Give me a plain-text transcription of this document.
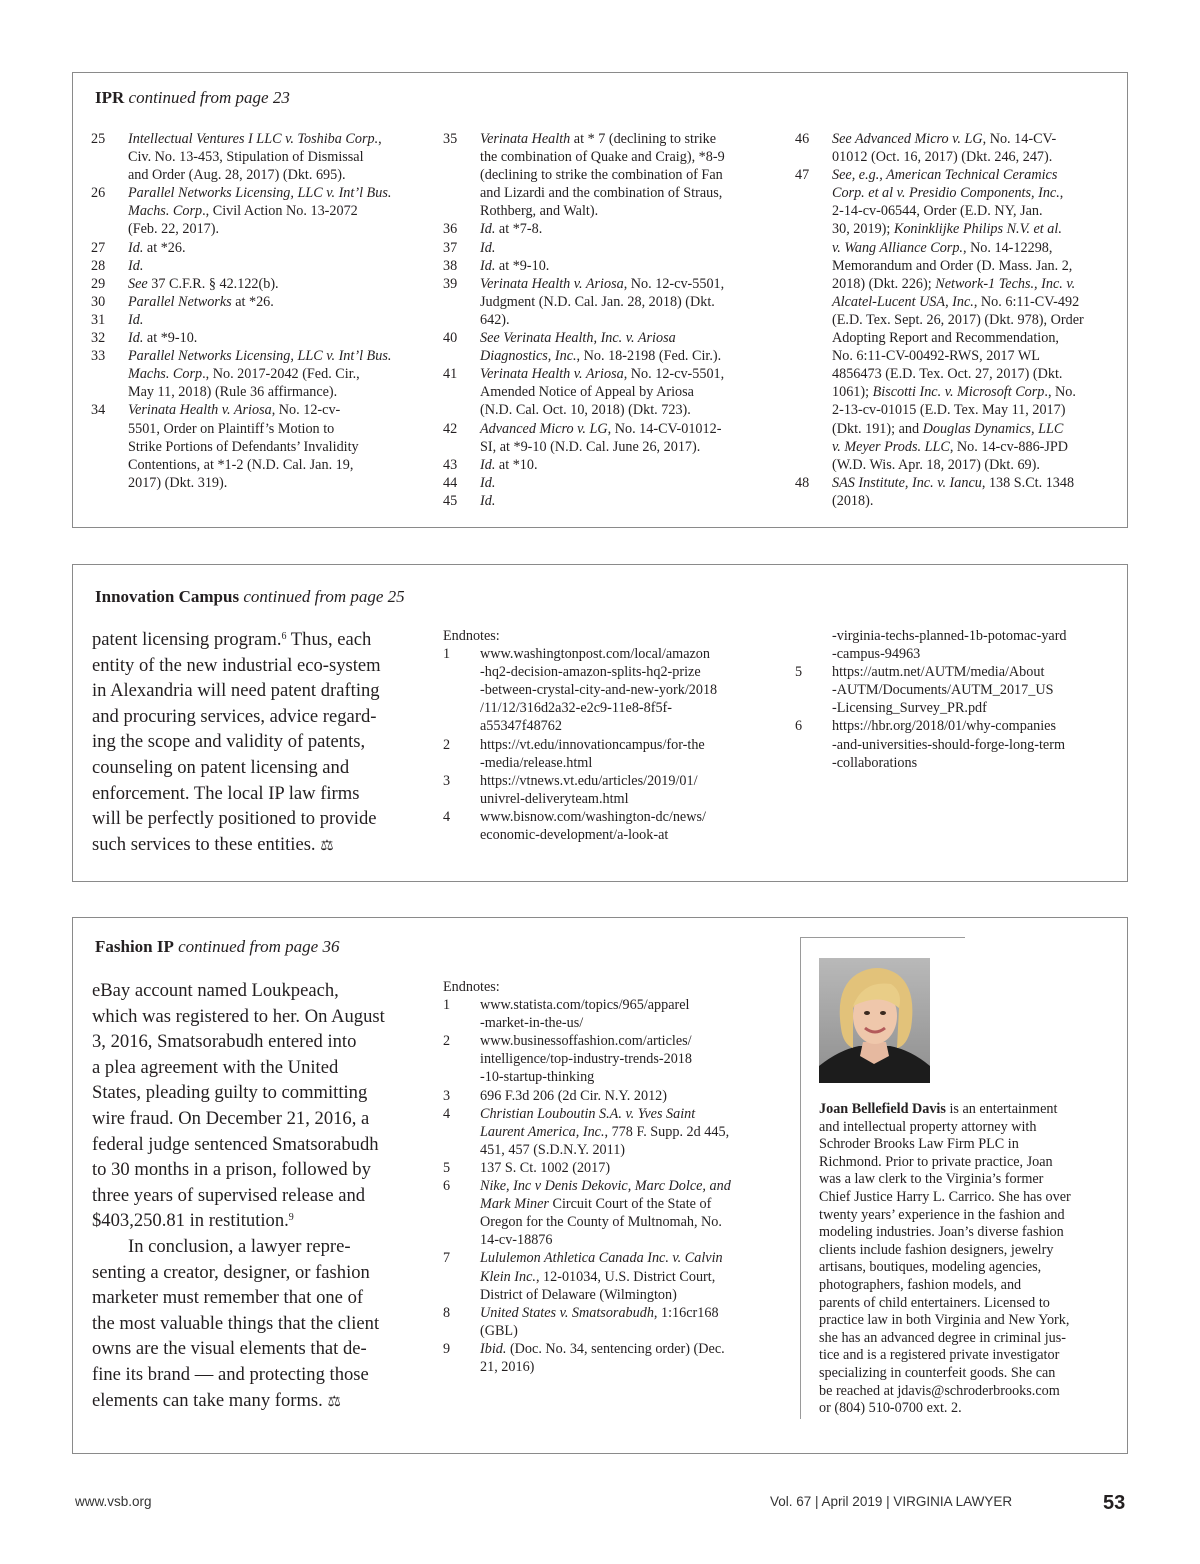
IPR continued from page 23
25	Intellectual Ventures I LLC v. Toshiba Corp.,
Civ. No. 13-453, Stipulation of Dismissal
and Order (Aug. 28, 2017) (Dkt. 695).
26	Parallel Networks Licensing, LLC v. Int’l Bus.
Machs. Corp., Civil Action No. 13-2072
(Feb. 22, 2017).
27	Id. at *26.
28	Id.
29	See 37 C.F.R. § 42.122(b).
30	Parallel Networks at *26.
31	Id.
32	Id. at *9-10.
33	Parallel Networks Licensing, LLC v. Int’l Bus.
Machs. Corp., No. 2017-2042 (Fed. Cir.,
May 11, 2018) (Rule 36 affirmance).
34	Verinata Health v. Ariosa, No. 12-cv-
5501, Order on Plaintiff’s Motion to
Strike Portions of Defendants’ Invalidity
Contentions, at *1-2 (N.D. Cal. Jan. 19,
2017) (Dkt. 319).
35	Verinata Health at * 7 (declining to strike
the combination of Quake and Craig), *8-9
(declining to strike the combination of Fan
and Lizardi and the combination of Straus,
Rothberg, and Walt).
36	Id. at *7-8.
37	Id.
38	Id. at *9-10.
39	Verinata Health v. Ariosa, No. 12-cv-5501,
Judgment (N.D. Cal. Jan. 28, 2018) (Dkt.
642).
40	See Verinata Health, Inc. v. Ariosa
Diagnostics, Inc., No. 18-2198 (Fed. Cir.).
41	Verinata Health v. Ariosa, No. 12-cv-5501,
Amended Notice of Appeal by Ariosa
(N.D. Cal. Oct. 10, 2018) (Dkt. 723).
42	Advanced Micro v. LG, No. 14-CV-01012-
SI, at *9-10 (N.D. Cal. June 26, 2017).
43	Id. at *10.
44	Id.
45	Id.
46	See Advanced Micro v. LG, No. 14-CV-
01012 (Oct. 16, 2017) (Dkt. 246, 247).
47	See, e.g., American Technical Ceramics
Corp. et al v. Presidio Components, Inc.,
2-14-cv-06544, Order (E.D. NY, Jan.
30, 2019); Koninklijke Philips N.V. et al.
v. Wang Alliance Corp., No. 14-12298,
Memorandum and Order (D. Mass. Jan. 2,
2018) (Dkt. 226); Network-1 Techs., Inc. v.
Alcatel-Lucent USA, Inc., No. 6:11-CV-492
(E.D. Tex. Sept. 26, 2017) (Dkt. 978), Order
Adopting Report and Recommendation,
No. 6:11-CV-00492-RWS, 2017 WL
4856473 (E.D. Tex. Oct. 27, 2017) (Dkt.
1061); Biscotti Inc. v. Microsoft Corp., No.
2-13-cv-01015 (E.D. Tex. May 11, 2017)
(Dkt. 191); and Douglas Dynamics, LLC
v. Meyer Prods. LLC, No. 14-cv-886-JPD
(W.D. Wis. Apr. 18, 2017) (Dkt. 69).
48	SAS Institute, Inc. v. Iancu, 138 S.Ct. 1348
(2018).
Innovation Campus continued from page 25
patent licensing program.$^6$ Thus, each
entity of the new industrial eco-system
in Alexandria will need patent drafting
and procuring services, advice regard-
ing the scope and validity of patents,
counseling on patent licensing and
enforcement. The local IP law firms
will be perfectly positioned to provide
such services to these entities. ⚖
Endnotes:
1	www.washingtonpost.com/local/amazon
-hq2-decision-amazon-splits-hq2-prize
-between-crystal-city-and-new-york/2018
/11/12/316d2a32-e2c9-11e8-8f5f-
a55347f48762
2	https://vt.edu/innovationcampus/for-the
-media/release.html
3	https://vtnews.vt.edu/articles/2019/01/
univrel-deliveryteam.html
4	www.bisnow.com/washington-dc/news/
economic-development/a-look-at
-virginia-techs-planned-1b-potomac-yard
-campus-94963
5	https://autm.net/AUTM/media/About
-AUTM/Documents/AUTM_2017_US
-Licensing_Survey_PR.pdf
6	https://hbr.org/2018/01/why-companies
-and-universities-should-forge-long-term
-collaborations
Fashion IP continued from page 36
eBay account named Loukpeach,
which was registered to her. On August
3, 2016, Smatsorabudh entered into
a plea agreement with the United
States, pleading guilty to committing
wire fraud. On December 21, 2016, a
federal judge sentenced Smatsorabudh
to 30 months in a prison, followed by
three years of supervised release and
$403,250.81 in restitution.$^9$
In conclusion, a lawyer repre-
senting a creator, designer, or fashion
marketer must remember that one of
the most valuable things that the client
owns are the visual elements that de-
fine its brand — and protecting those
elements can take many forms. ⚖
Endnotes:
1	www.statista.com/topics/965/apparel
-market-in-the-us/
2	www.businessoffashion.com/articles/
intelligence/top-industry-trends-2018
-10-startup-thinking
3	696 F.3d 206 (2d Cir. N.Y. 2012)
4	Christian Louboutin S.A. v. Yves Saint
Laurent America, Inc., 778 F. Supp. 2d 445,
451, 457 (S.D.N.Y. 2011)
5	137 S. Ct. 1002 (2017)
6	Nike, Inc v Denis Dekovic, Marc Dolce, and
Mark Miner Circuit Court of the State of
Oregon for the County of Multnomah, No.
14-cv-18876
7	Lululemon Athletica Canada Inc. v. Calvin
Klein Inc., 12-01034, U.S. District Court,
District of Delaware (Wilmington)
8	United States v. Smatsorabudh, 1:16cr168
(GBL)
9	Ibid. (Doc. No. 34, sentencing order) (Dec.
21, 2016)
Joan Bellefield Davis is an entertainment
and intellectual property attorney with
Schroder Brooks Law Firm PLC in
Richmond. Prior to private practice, Joan
was a law clerk to the Virginia’s former
Chief Justice Harry L. Carrico. She has over
twenty years’ experience in the fashion and
modeling industries. Joan’s diverse fashion
clients include fashion designers, jewelry
artisans, boutiques, modeling agencies,
photographers, fashion models, and
parents of child entertainers. Licensed to
practice law in both Virginia and New York,
she has an advanced degree in criminal jus-
tice and is a registered private investigator
specializing in counterfeit goods. She can
be reached at jdavis@schroderbrooks.com
or (804) 510-0700 ext. 2.
www.vsb.org	Vol. 67 | April 2019 | VIRGINIA LAWYER	53
